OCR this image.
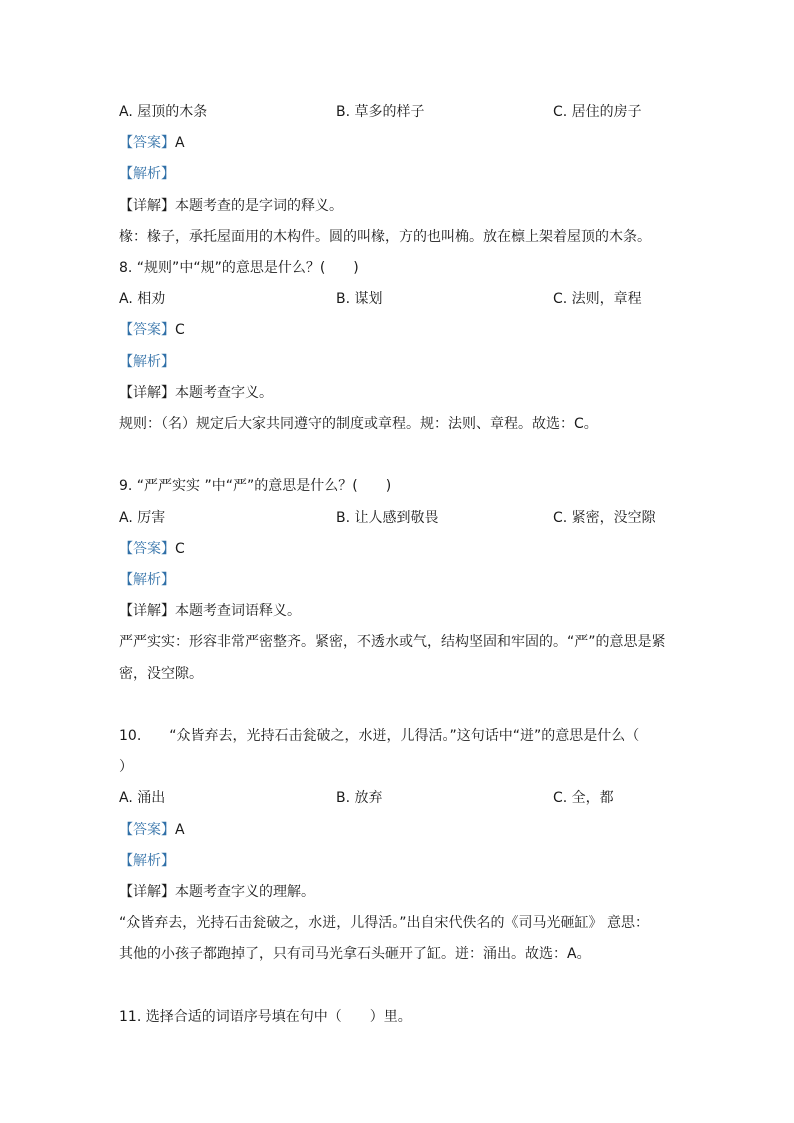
A. 屋顶的木条	B. 草多的样子	C. 居住的房子
【答案】A
【解析】
【详解】本题考查的是字词的释义。
椽：椽子，承托屋面用的木构件。圆的叫椽，方的也叫桷。放在檩上架着屋顶的木条。
8. “规则”中“规”的意思是什么？(　　)
A. 相劝	B. 谋划	C. 法则，章程
【答案】C
【解析】
【详解】本题考查字义。
规则：（名）规定后大家共同遵守的制度或章程。规：法则、章程。故选：C。
9. “严严实实 ”中“严”的意思是什么？(　　)
A. 厉害	B. 让人感到敬畏	C. 紧密，没空隙
【答案】C
【解析】
【详解】本题考查词语释义。
严严实实：形容非常严密整齐。紧密，不透水或气，结构坚固和牢固的。“严”的意思是紧
密，没空隙。
10.　　“众皆弃去，光持石击瓮破之，水迸，儿得活。”这句话中“迸”的意思是什么（
）
A. 涌出	B. 放弃	C. 全，都
【答案】A
【解析】
【详解】本题考查字义的理解。
“众皆弃去，光持石击瓮破之，水迸，儿得活。”出自宋代佚名的《司马光砸缸》 意思：
其他的小孩子都跑掉了，只有司马光拿石头砸开了缸。迸：涌出。故选：A。
11. 选择合适的词语序号填在句中（　　）里。
